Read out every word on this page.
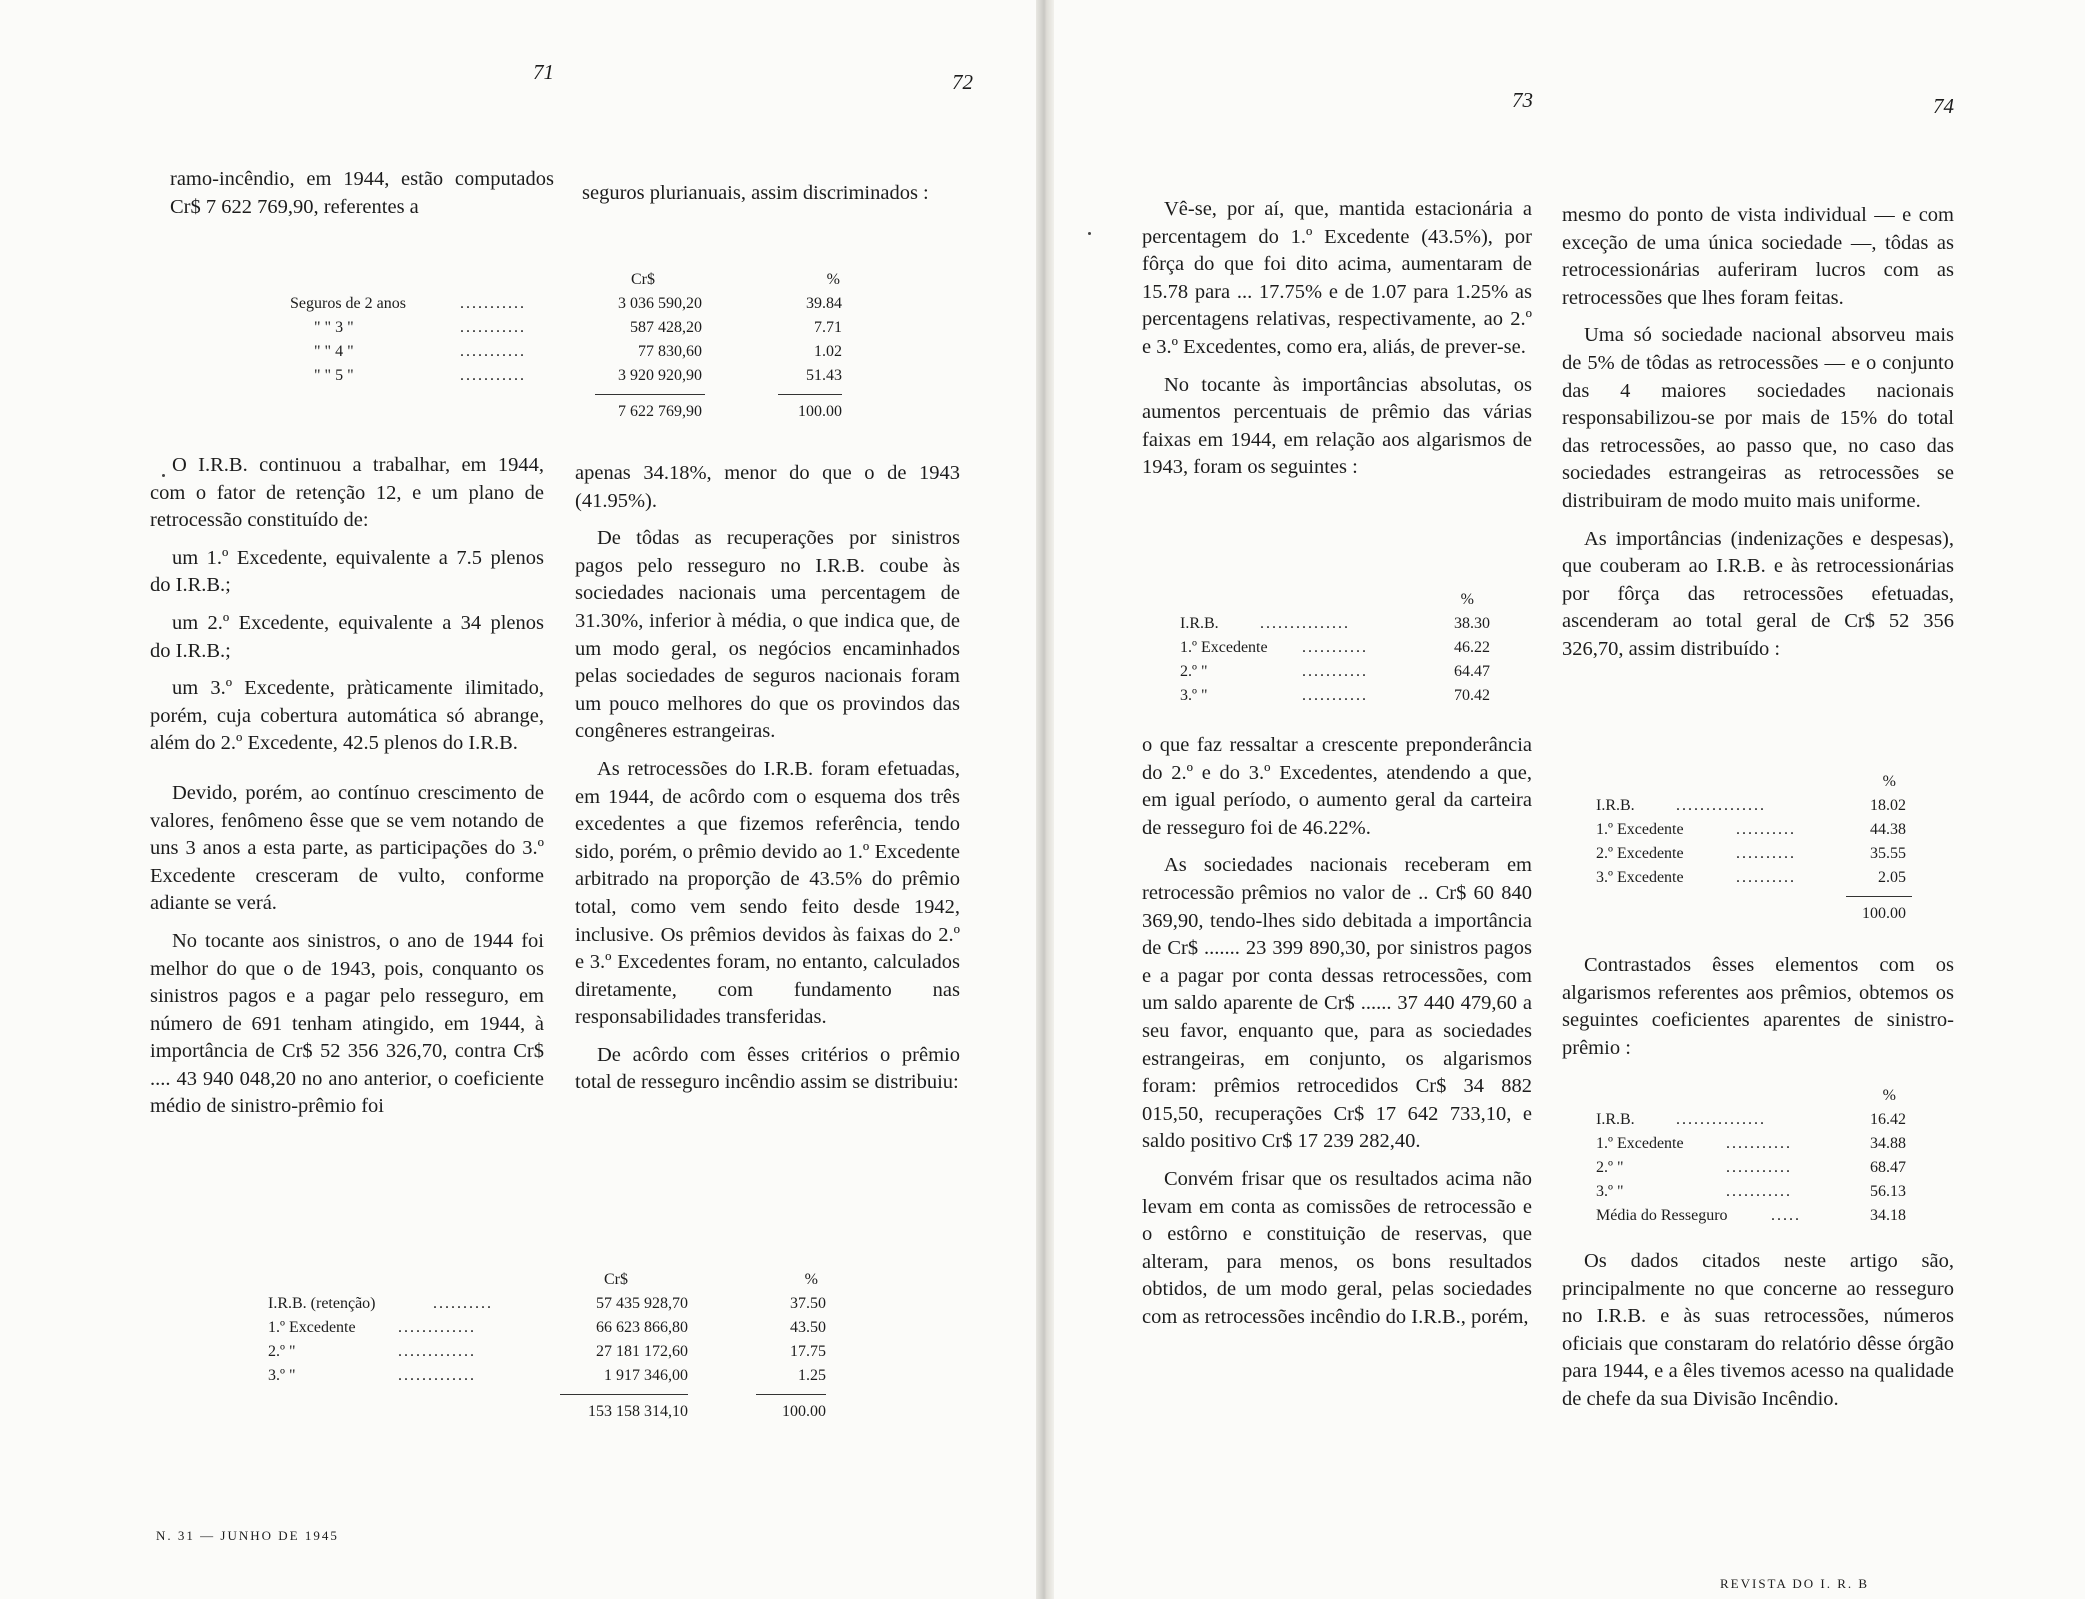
71	72
73	74

ramo-incêndio, em 1944, estão computados Cr$ 7 622 769,90, referentes a

seguros plurianuais, assim discriminados :

Cr$	%
Seguros de 2 anos	...........	3 036 590,20	39.84
" " 3 "	...........	587 428,20	7.71
" " 4 "	...........	77 830,60	1.02
" " 5 "	...........	3 920 920,90	51.43
7 622 769,90	100.00

O I.R.B. continuou a trabalhar, em 1944, com o fator de retenção 12, e um plano de retrocessão constituído de:

um 1.º Excedente, equivalente a 7.5 plenos do I.R.B.;

um 2.º Excedente, equivalente a 34 plenos do I.R.B.;

um 3.º Excedente, pràticamente ilimitado, porém, cuja cobertura automática só abrange, além do 2.º Excedente, 42.5 plenos do I.R.B.

Devido, porém, ao contínuo crescimento de valores, fenômeno êsse que se vem notando de uns 3 anos a esta parte, as participações do 3.º Excedente cresceram de vulto, conforme adiante se verá.

No tocante aos sinistros, o ano de 1944 foi melhor do que o de 1943, pois, conquanto os sinistros pagos e a pagar pelo resseguro, em número de 691 tenham atingido, em 1944, à importância de Cr$ 52 356 326,70, contra Cr$ .... 43 940 048,20 no ano anterior, o coeficiente médio de sinistro-prêmio foi

apenas 34.18%, menor do que o de 1943 (41.95%).

De tôdas as recuperações por sinistros pagos pelo resseguro no I.R.B. coube às sociedades nacionais uma percentagem de 31.30%, inferior à média, o que indica que, de um modo geral, os negócios encaminhados pelas sociedades de seguros nacionais foram um pouco melhores do que os provindos das congêneres estrangeiras.

As retrocessões do I.R.B. foram efetuadas, em 1944, de acôrdo com o esquema dos três excedentes a que fizemos referência, tendo sido, porém, o prêmio devido ao 1.º Excedente arbitrado na proporção de 43.5% do prêmio total, como vem sendo feito desde 1942, inclusive. Os prêmios devidos às faixas do 2.º e 3.º Excedentes foram, no entanto, calculados diretamente, com fundamento nas responsabilidades transferidas.

De acôrdo com êsses critérios o prêmio total de resseguro incêndio assim se distribuiu:

Cr$	%
I.R.B. (retenção)	..........	57 435 928,70	37.50
1.º Excedente	.............	66 623 866,80	43.50
2.º "	.............	27 181 172,60	17.75
3.º "	.............	1 917 346,00	1.25
153 158 314,10	100.00

Vê-se, por aí, que, mantida estacionária a percentagem do 1.º Excedente (43.5%), por fôrça do que foi dito acima, aumentaram de 15.78 para ... 17.75% e de 1.07 para 1.25% as percentagens relativas, respectivamente, ao 2.º e 3.º Excedentes, como era, aliás, de prever-se.

No tocante às importâncias absolutas, os aumentos percentuais de prêmio das várias faixas em 1944, em relação aos algarismos de 1943, foram os seguintes :

%
I.R.B.	...............	38.30
1.º Excedente ...........	46.22
2.º "	...........	64.47
3.º "	...........	70.42

o que faz ressaltar a crescente preponderância do 2.º e do 3.º Excedentes, atendendo a que, em igual período, o aumento geral da carteira de resseguro foi de 46.22%.

As sociedades nacionais receberam em retrocessão prêmios no valor de .. Cr$ 60 840 369,90, tendo-lhes sido debitada a importância de Cr$ ....... 23 399 890,30, por sinistros pagos e a pagar por conta dessas retrocessões, com um saldo aparente de Cr$ ...... 37 440 479,60 a seu favor, enquanto que, para as sociedades estrangeiras, em conjunto, os algarismos foram: prêmios retrocedidos Cr$ 34 882 015,50, recuperações Cr$ 17 642 733,10, e saldo positivo Cr$ 17 239 282,40.

Convém frisar que os resultados acima não levam em conta as comissões de retrocessão e o estôrno e constituição de reservas, que alteram, para menos, os bons resultados obtidos, de um modo geral, pelas sociedades com as retrocessões incêndio do I.R.B., porém,

mesmo do ponto de vista individual — e com exceção de uma única sociedade —, tôdas as retrocessionárias auferiram lucros com as retrocessões que lhes foram feitas.

Uma só sociedade nacional absorveu mais de 5% de tôdas as retrocessões — e o conjunto das 4 maiores sociedades nacionais responsabilizou-se por mais de 15% do total das retrocessões, ao passo que, no caso das sociedades estrangeiras as retrocessões se distribuiram de modo muito mais uniforme.

As importâncias (indenizações e despesas), que couberam ao I.R.B. e às retrocessionárias por fôrça das retrocessões efetuadas, ascenderam ao total geral de Cr$ 52 356 326,70, assim distribuído :

%
I.R.B.	...............	18.02
1.º Excedente	..........	44.38
2.º Excedente	..........	35.55
3.º Excedente	..........	2.05
100.00

Contrastados êsses elementos com os algarismos referentes aos prêmios, obtemos os seguintes coeficientes aparentes de sinistro-prêmio :

%
I.R.B.	...............	16.42
1.º Excedente	...........	34.88
2.º "	...........	68.47
3.º "	...........	56.13
Média do Resseguro	.....	34.18

Os dados citados neste artigo são, principalmente no que concerne ao resseguro no I.R.B. e às suas retrocessões, números oficiais que constaram do relatório dêsse órgão para 1944, e a êles tivemos acesso na qualidade de chefe da sua Divisão Incêndio.

N. 31 — JUNHO DE 1945
REVISTA DO I. R. B
